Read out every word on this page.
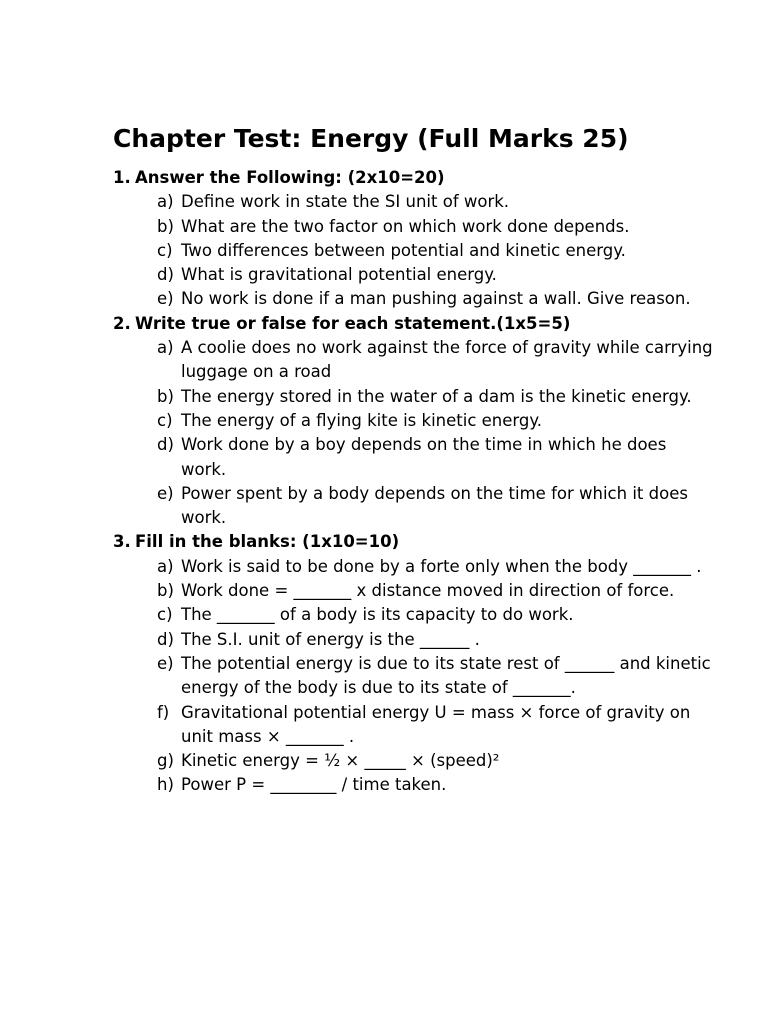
Chapter Test: Energy (Full Marks 25)
1. Answer the Following: (2x10=20)
a) Define work in state the SI unit of work.
b) What are the two factor on which work done depends.
c) Two differences between potential and kinetic energy.
d) What is gravitational potential energy.
e) No work is done if a man pushing against a wall. Give reason.
2. Write true or false for each statement.(1x5=5)
a) A coolie does no work against the force of gravity while carrying luggage on a road
b) The energy stored in the water of a dam is the kinetic energy.
c) The energy of a flying kite is kinetic energy.
d) Work done by a boy depends on the time in which he does work.
e) Power spent by a body depends on the time for which it does work.
3. Fill in the blanks: (1x10=10)
a) Work is said to be done by a forte only when the body _______ .
b) Work done = _______ x distance moved in direction of force.
c) The _______ of a body is its capacity to do work.
d) The S.I. unit of energy is the ______ .
e) The potential energy is due to its state rest of ______ and kinetic energy of the body is due to its state of _______.
f) Gravitational potential energy U = mass × force of gravity on unit mass × _______ .
g) Kinetic energy = ½ × _____ × (speed)²
h) Power P = ________ / time taken.
